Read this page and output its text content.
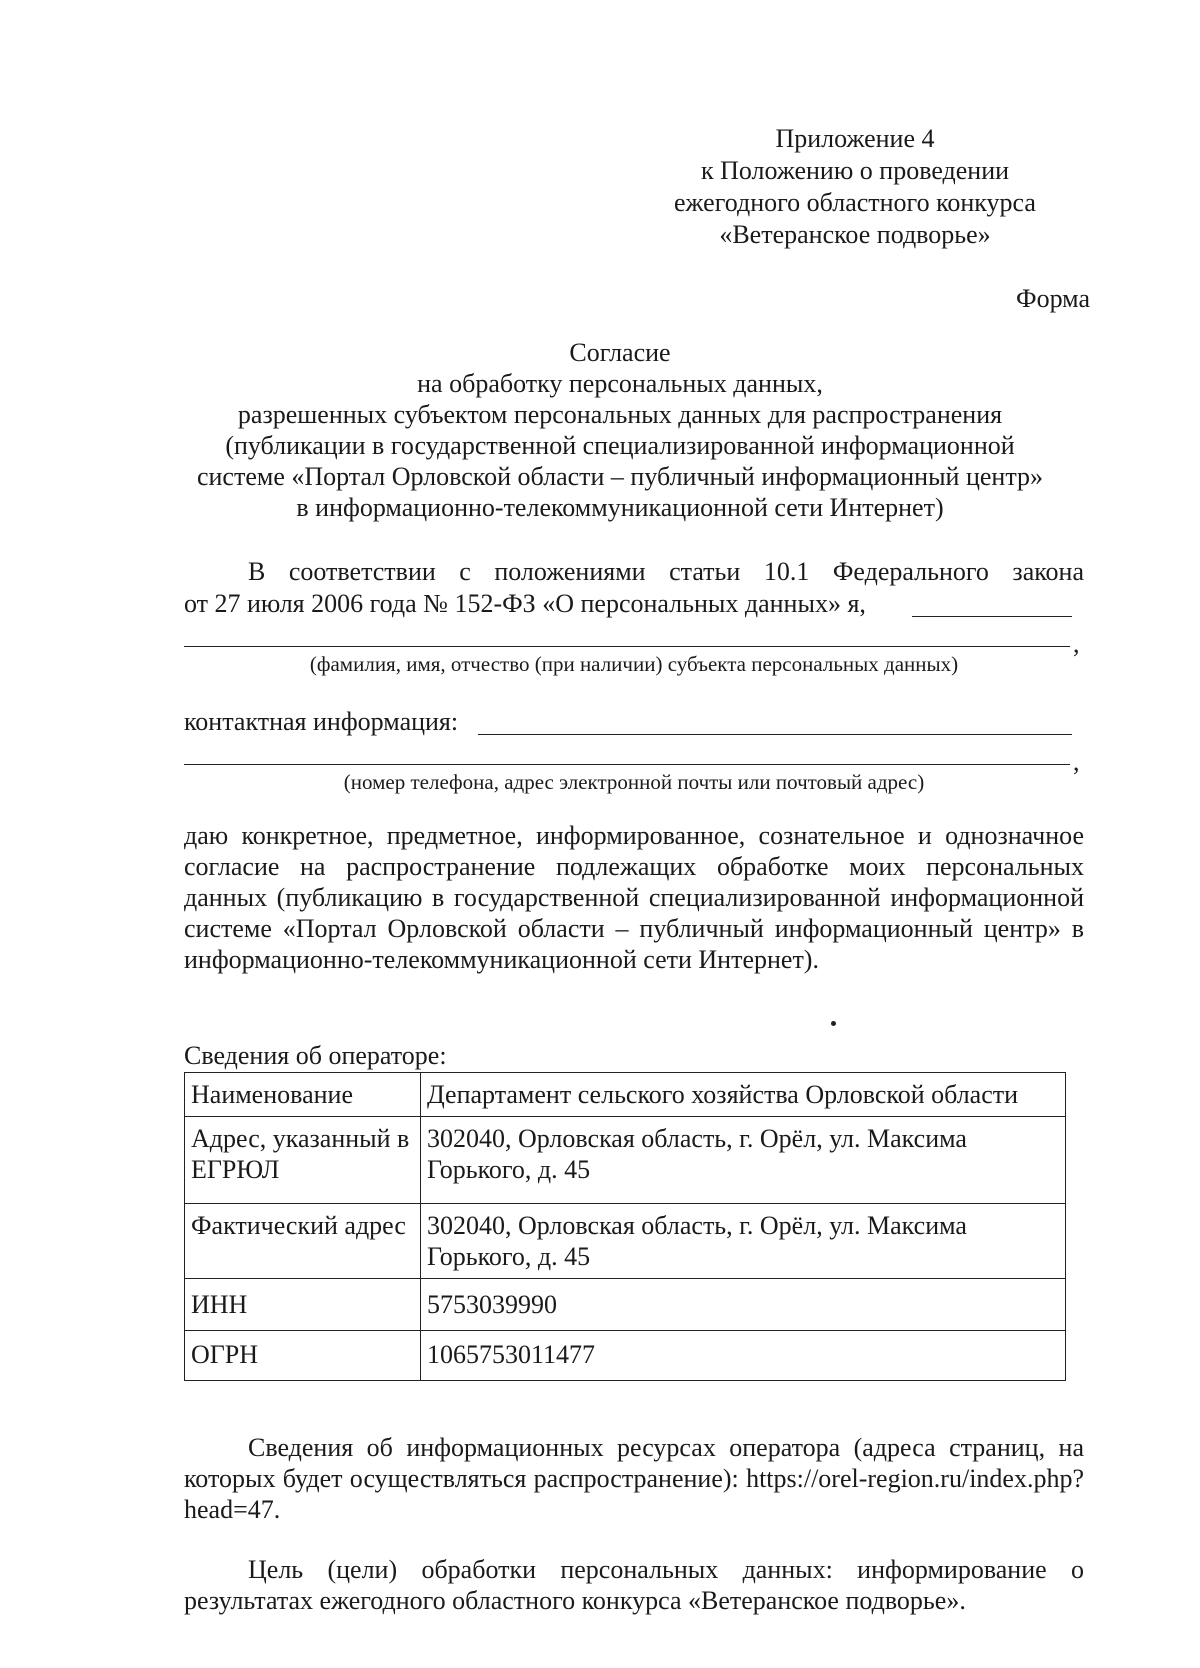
Приложение 4
к Положению о проведении
ежегодного областного конкурса
«Ветеранское подворье»
Форма
Согласие
на обработку персональных данных,
разрешенных субъектом персональных данных для распространения
(публикации в государственной специализированной информационной
системе «Портал Орловской области – публичный информационный центр»
в информационно-телекоммуникационной сети Интернет)
В соответствии с положениями статьи 10.1 Федерального закона
от 27 июля 2006 года № 152-ФЗ «О персональных данных» я,
,
(фамилия, имя, отчество (при наличии) субъекта персональных данных)
контактная информация:
,
(номер телефона, адрес электронной почты или почтовый адрес)
даю конкретное, предметное, информированное, сознательное и однозначное согласие на распространение подлежащих обработке моих персональных данных (публикацию в государственной специализированной информационной системе «Портал Орловской области – публичный информационный центр» в информационно-телекоммуникационной сети Интернет).
Сведения об операторе:
Наименование	Департамент сельского хозяйства Орловской области
Адрес, указанный в ЕГРЮЛ	302040, Орловская область, г. Орёл, ул. Максима Горького, д. 45
Фактический адрес	302040, Орловская область, г. Орёл, ул. Максима Горького, д. 45
ИНН	5753039990
ОГРН	1065753011477
Сведения об информационных ресурсах оператора (адреса страниц, на которых будет осуществляться распространение): https://orel-region.ru/index.php?head=47.
Цель (цели) обработки персональных данных: информирование о результатах ежегодного областного конкурса «Ветеранское подворье».
